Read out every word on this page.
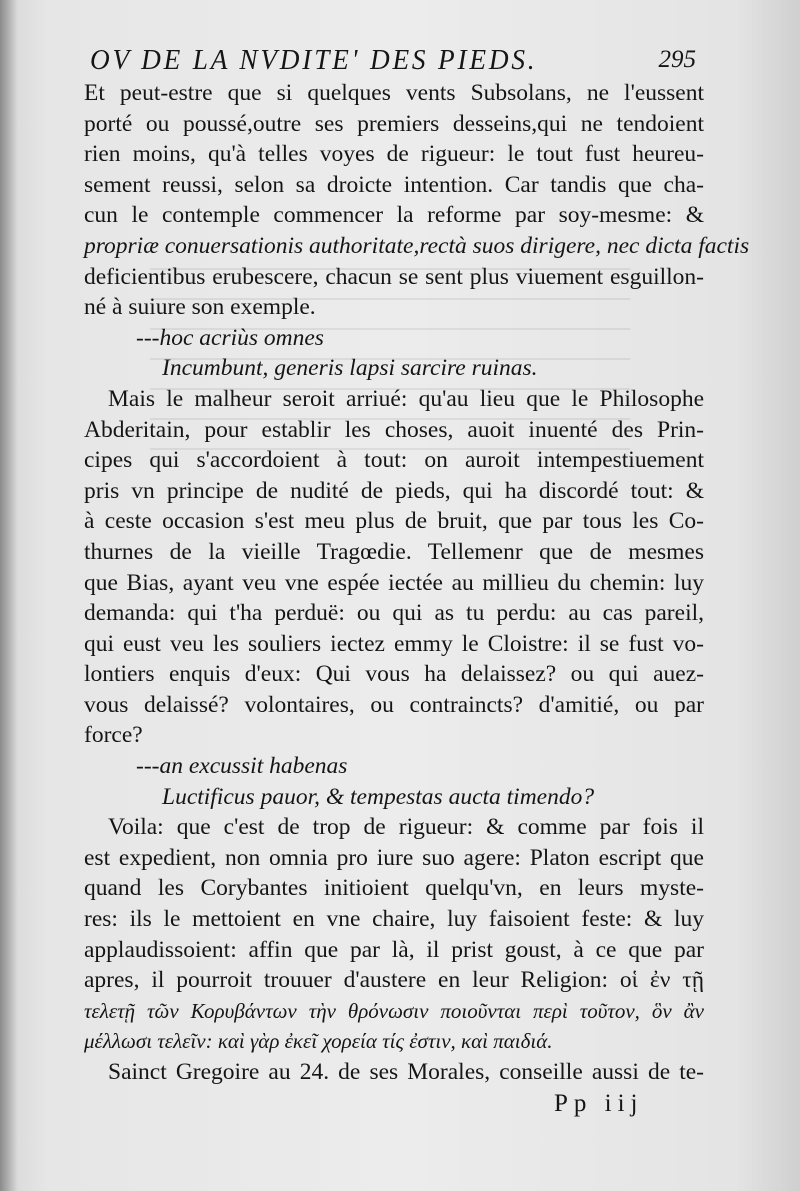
OV DE LA NVDITE' DES PIEDS.	295
Et peut-estre que si quelques vents Subsolans, ne l'eussent
porté ou poussé,outre ses premiers desseins,qui ne tendoient
rien moins, qu'à telles voyes de rigueur: le tout fust heureu-
sement reussi, selon sa droicte intention. Car tandis que cha-
cun le contemple commencer la reforme par soy-mesme: &
propriæ conuersationis authoritate,rectà suos dirigere, nec dicta factis
deficientibus erubescere, chacun se sent plus viuement esguillon-
né à suiure son exemple.
---hoc acriùs omnes
Incumbunt, generis lapsi sarcire ruinas.
Mais le malheur seroit arriué: qu'au lieu que le Philosophe
Abderitain, pour establir les choses, auoit inuenté des Prin-
cipes qui s'accordoient à tout: on auroit intempestiuement
pris vn principe de nudité de pieds, qui ha discordé tout: &
à ceste occasion s'est meu plus de bruit, que par tous les Co-
thurnes de la vieille Tragœdie. Tellemenr que de mesmes
que Bias, ayant veu vne espée iectée au millieu du chemin: luy
demanda: qui t'ha perduë: ou qui as tu perdu: au cas pareil,
qui eust veu les souliers iectez emmy le Cloistre: il se fust vo-
lontiers enquis d'eux: Qui vous ha delaissez? ou qui auez-
vous delaissé? volontaires, ou contraincts? d'amitié, ou par
force?
---an excussit habenas
Luctificus pauor, & tempestas aucta timendo?
Voila: que c'est de trop de rigueur: & comme par fois il
est expedient, non omnia pro iure suo agere: Platon escript que
quand les Corybantes initioient quelqu'vn, en leurs myste-
res: ils le mettoient en vne chaire, luy faisoient feste: & luy
applaudissoient: affin que par là, il prist goust, à ce que par
apres, il pourroit trouuer d'austere en leur Religion: οἱ ἐν τῇ
τελετῇ τῶν Κορυβάντων τὴν θρόνωσιν ποιοῦνται περὶ τοῦτον, ὃν ἂν
μέλλωσι τελεῖν: καὶ γὰρ ἐκεῖ χορεία τίς ἐστιν, καὶ παιδιά.
Sainct Gregoire au 24. de ses Morales, conseille aussi de te-
Pp iij
